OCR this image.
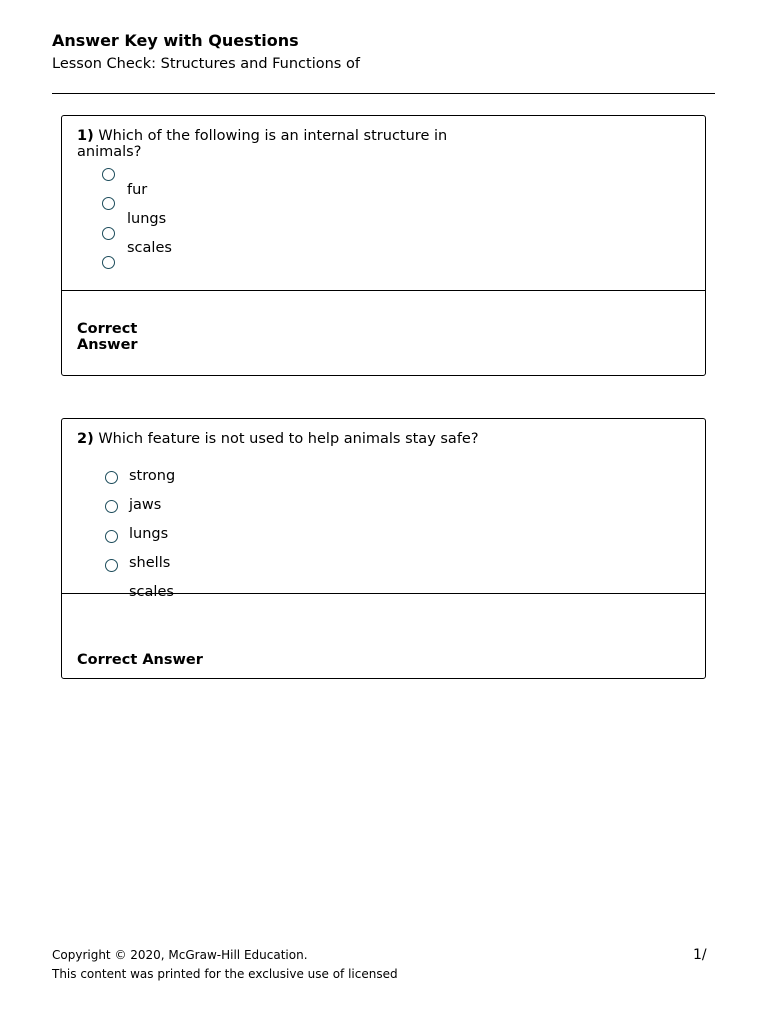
Answer Key with Questions
Lesson Check: Structures and Functions of
1) Which of the following is an internal structure in animals?
fur
lungs
scales
Correct Answer
2) Which feature is not used to help animals stay safe?
strong
jaws
lungs
shells
scales
Correct Answer
Copyright © 2020, McGraw-Hill Education.
This content was printed for the exclusive use of licensed
1/
